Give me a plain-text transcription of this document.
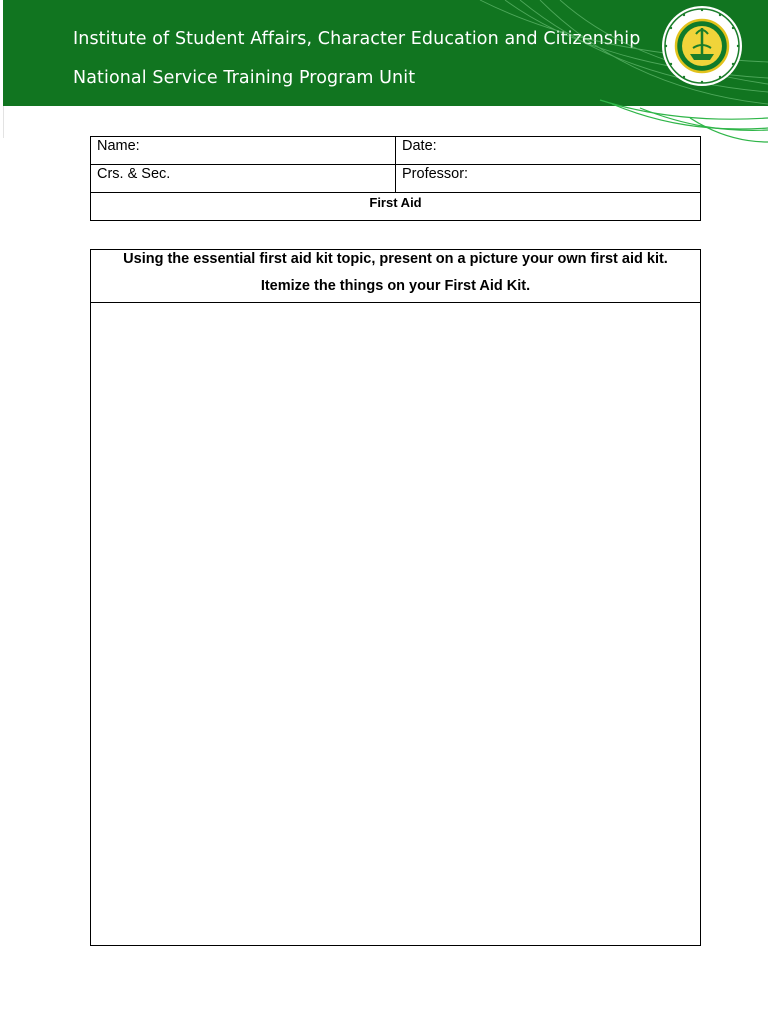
Institute of Student Affairs, Character Education and Citizenship
National Service Training Program Unit
Name:	Date:
Crs. & Sec.	Professor:
First Aid	
Using the essential first aid kit topic, present on a picture your own first aid kit.
Itemize the things on your First Aid Kit.
